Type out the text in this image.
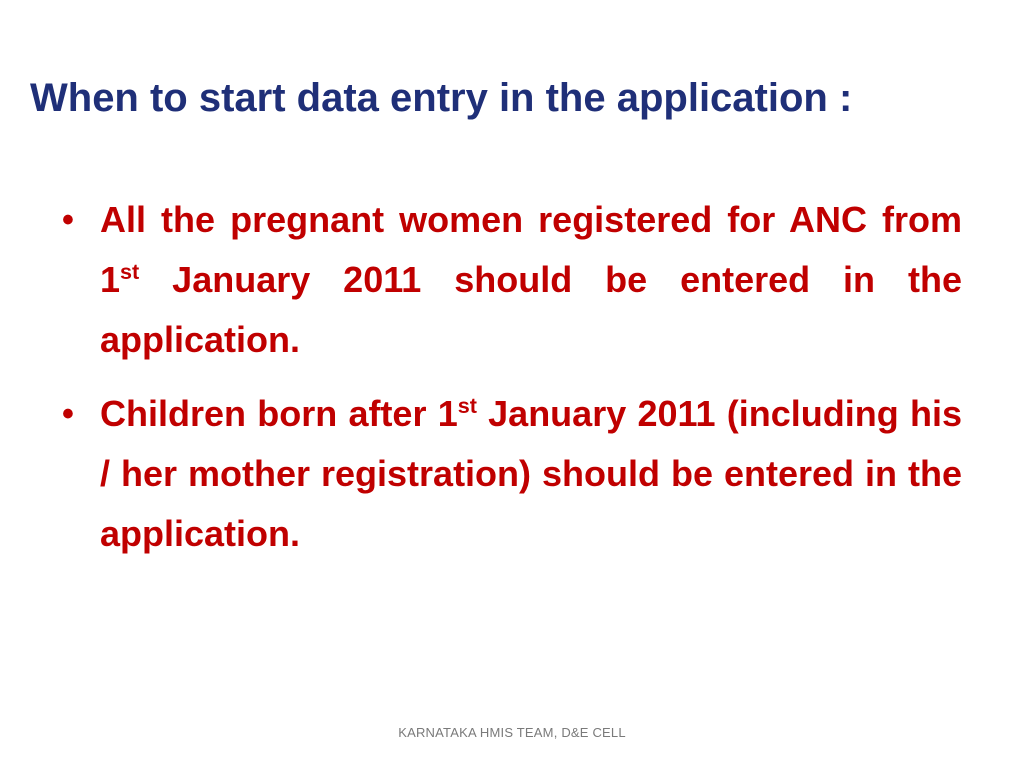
When to start data entry in the application :
• All the pregnant women registered for ANC from 1st January 2011 should be entered in the application.
• Children born after 1st January 2011 (including his / her mother registration) should be entered in the application.
KARNATAKA HMIS TEAM, D&E CELL
